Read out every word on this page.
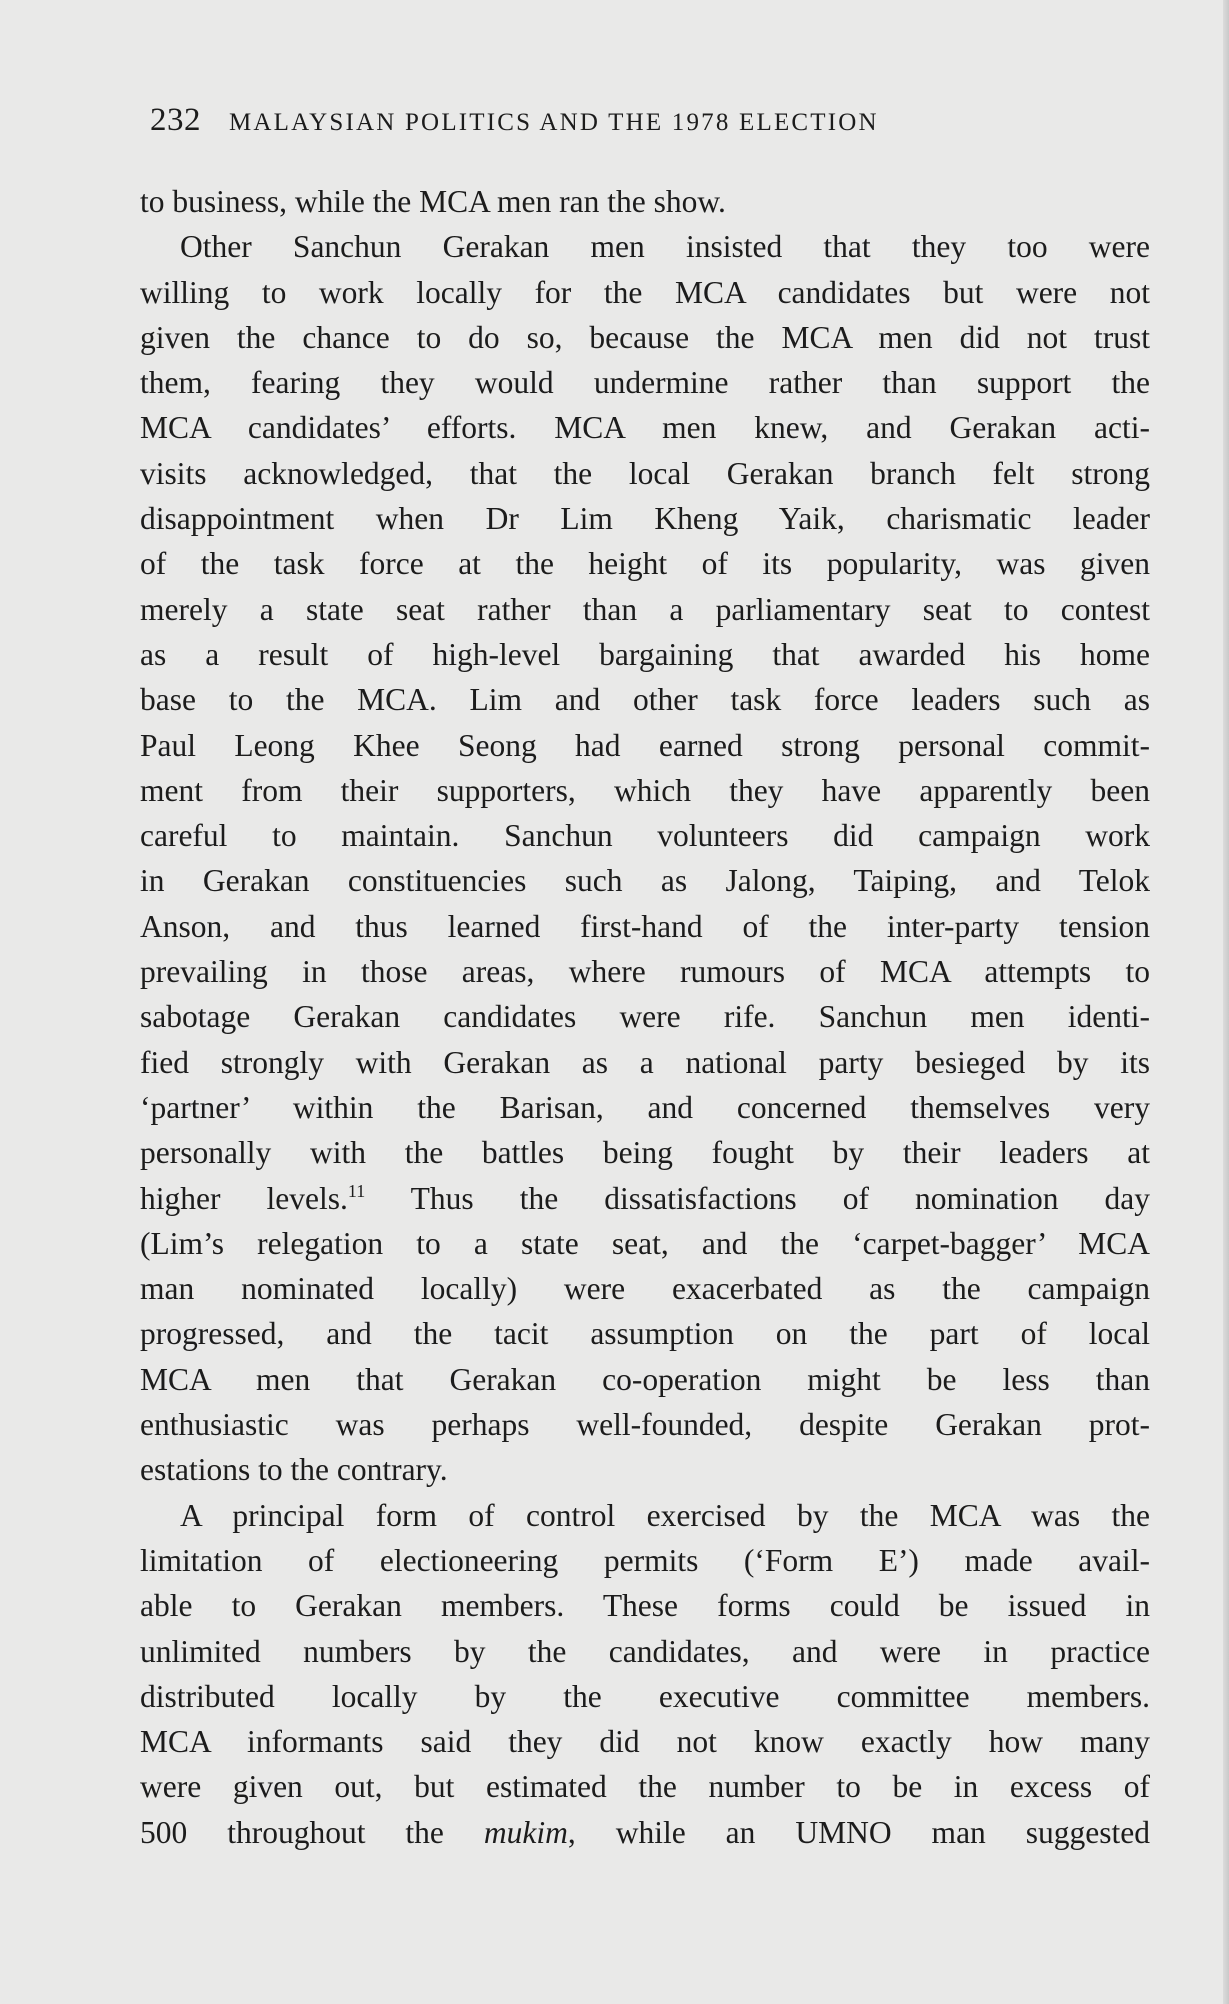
232 MALAYSIAN POLITICS AND THE 1978 ELECTION
to business, while the MCA men ran the show.
Other Sanchun Gerakan men insisted that they too were
willing to work locally for the MCA candidates but were not
given the chance to do so, because the MCA men did not trust
them, fearing they would undermine rather than support the
MCA candidates’ efforts. MCA men knew, and Gerakan acti-
visits acknowledged, that the local Gerakan branch felt strong
disappointment when Dr Lim Kheng Yaik, charismatic leader
of the task force at the height of its popularity, was given
merely a state seat rather than a parliamentary seat to contest
as a result of high-level bargaining that awarded his home
base to the MCA. Lim and other task force leaders such as
Paul Leong Khee Seong had earned strong personal commit-
ment from their supporters, which they have apparently been
careful to maintain. Sanchun volunteers did campaign work
in Gerakan constituencies such as Jalong, Taiping, and Telok
Anson, and thus learned first-hand of the inter-party tension
prevailing in those areas, where rumours of MCA attempts to
sabotage Gerakan candidates were rife. Sanchun men identi-
fied strongly with Gerakan as a national party besieged by its
‘partner’ within the Barisan, and concerned themselves very
personally with the battles being fought by their leaders at
higher levels.$^{11}$ Thus the dissatisfactions of nomination day
(Lim’s relegation to a state seat, and the ‘carpet-bagger’ MCA
man nominated locally) were exacerbated as the campaign
progressed, and the tacit assumption on the part of local
MCA men that Gerakan co-operation might be less than
enthusiastic was perhaps well-founded, despite Gerakan prot-
estations to the contrary.
A principal form of control exercised by the MCA was the
limitation of electioneering permits (‘Form E’) made avail-
able to Gerakan members. These forms could be issued in
unlimited numbers by the candidates, and were in practice
distributed locally by the executive committee members.
MCA informants said they did not know exactly how many
were given out, but estimated the number to be in excess of
500 throughout the mukim, while an UMNO man suggested
